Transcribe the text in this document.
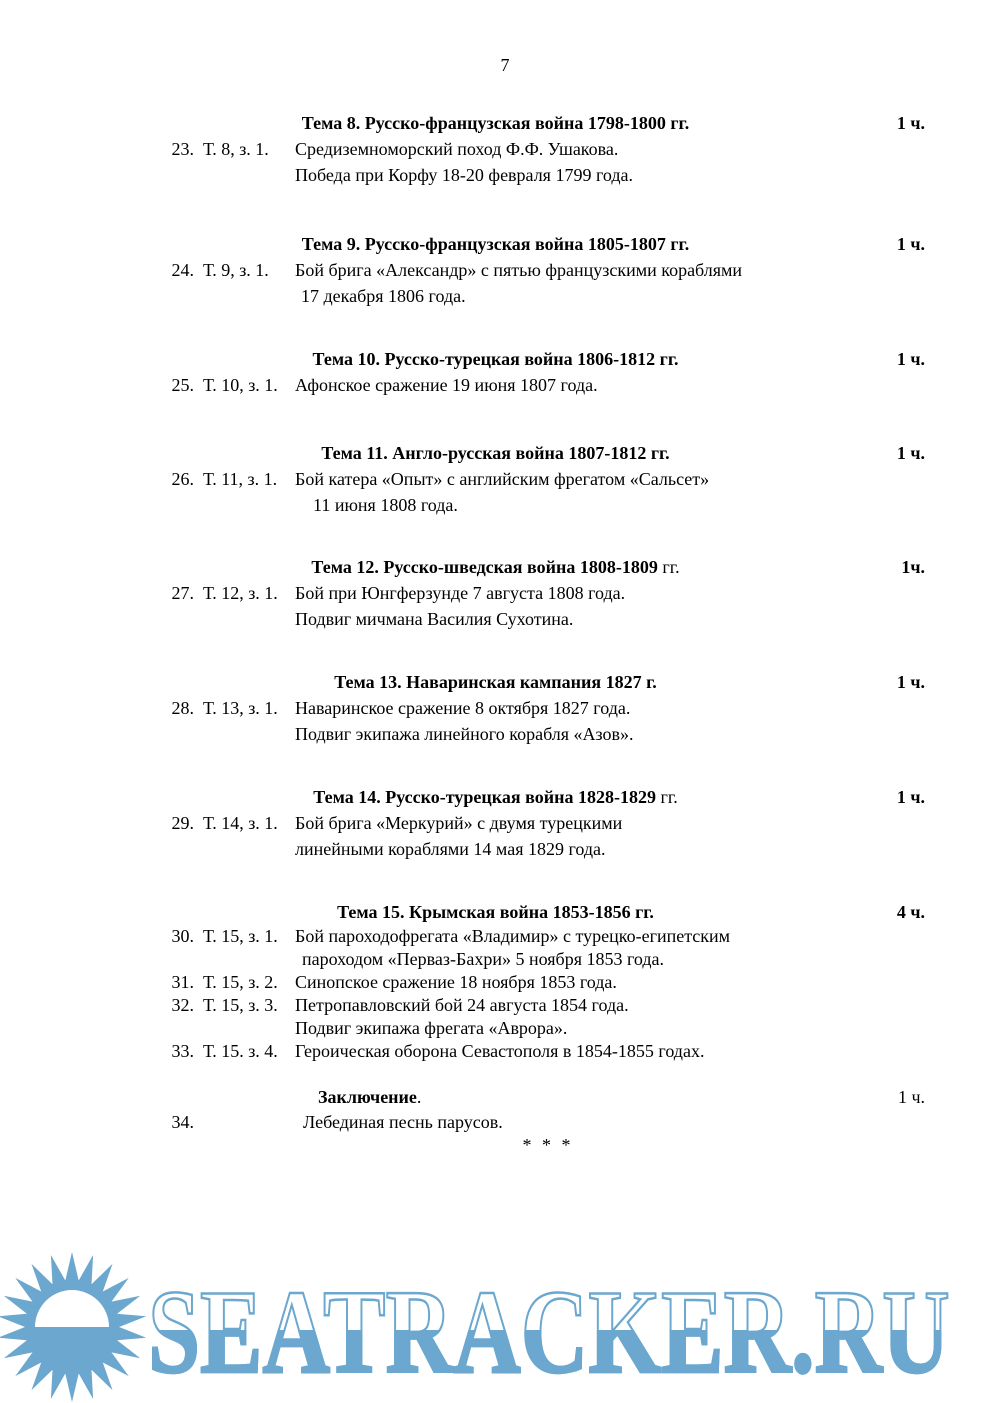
7
Тема 8. Русско-французская война 1798-1800 гг.	1 ч.
23. Т. 8, з. 1. Средиземноморский поход Ф.Ф. Ушакова.
Победа при Корфу 18-20 февраля 1799 года.
Тема 9. Русско-французская война 1805-1807 гг.	1 ч.
24. Т. 9, з. 1. Бой брига «Александр» с пятью французскими кораблями
17 декабря 1806 года.
Тема 10. Русско-турецкая война 1806-1812 гг.	1 ч.
25. Т. 10, з. 1. Афонское сражение 19 июня 1807 года.
Тема 11. Англо-русская война 1807-1812 гг.	1 ч.
26. Т. 11, з. 1. Бой катера «Опыт» с английским фрегатом «Сальсет»
11 июня 1808 года.
Тема 12. Русско-шведская война 1808-1809 гг.	1ч.
27. Т. 12, з. 1. Бой при Юнгферзунде 7 августа 1808 года.
Подвиг мичмана Василия Сухотина.
Тема 13. Наваринская кампания 1827 г.	1 ч.
28. Т. 13, з. 1. Наваринское сражение 8 октября 1827 года.
Подвиг экипажа линейного корабля «Азов».
Тема 14. Русско-турецкая война 1828-1829 гг.	1 ч.
29. Т. 14, з. 1. Бой брига «Меркурий» с двумя турецкими
линейными кораблями 14 мая 1829 года.
Тема 15. Крымская война 1853-1856 гг.	4 ч.
30. Т. 15, з. 1. Бой пароходофрегата «Владимир» с турецко-египетским
пароходом «Перваз-Бахри» 5 ноября 1853 года.
31. Т. 15, з. 2. Синопское сражение 18 ноября 1853 года.
32. Т. 15, з. 3. Петропавловский бой 24 августа 1854 года.
Подвиг экипажа фрегата «Аврора».
33. Т. 15. з. 4. Героическая оборона Севастополя в 1854-1855 годах.
Заключение.	1 ч.
34.	Лебединая песнь парусов.
* * *
SEATRACKER.RU
